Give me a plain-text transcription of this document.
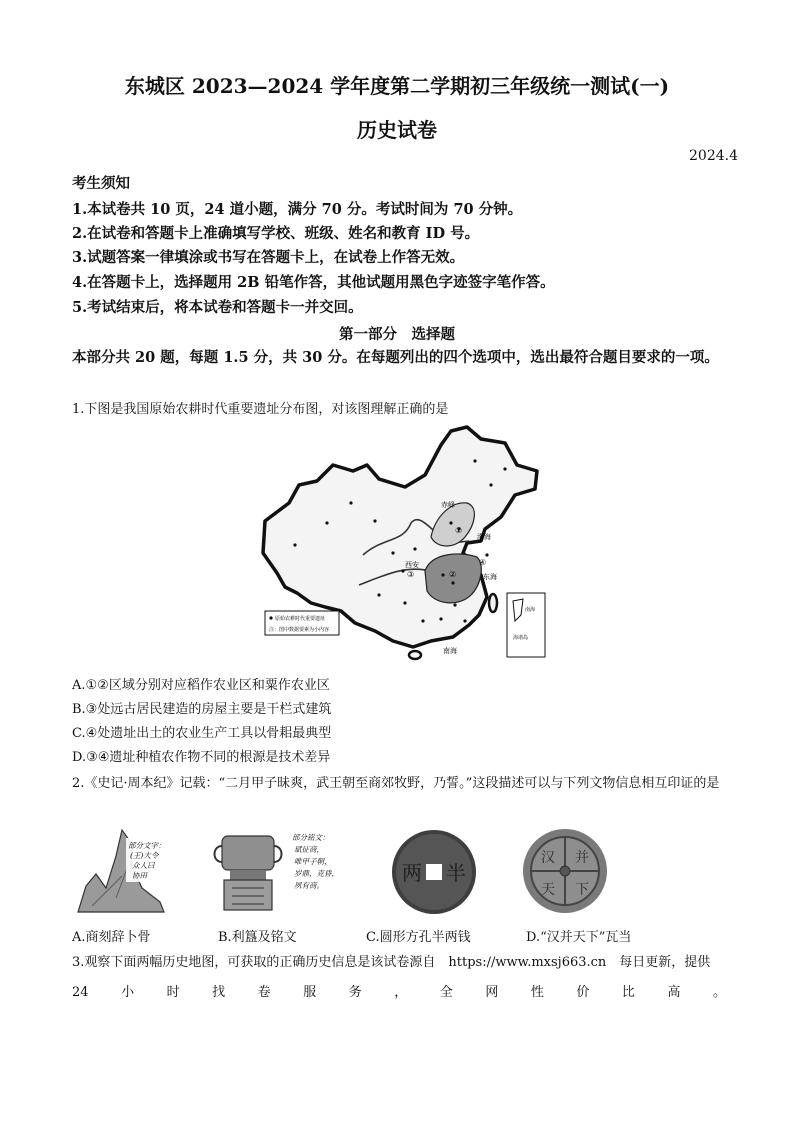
东城区 2023—2024 学年度第二学期初三年级统一测试(一)
历史试卷
2024.4
考生须知
1.本试卷共 10 页，24 道小题，满分 70 分。考试时间为 70 分钟。
2.在试卷和答题卡上准确填写学校、班级、姓名和教育 ID 号。
3.试题答案一律填涂或书写在答题卡上，在试卷上作答无效。
4.在答题卡上，选择题用 2B 铅笔作答，其他试题用黑色字迹签字笔作答。
5.考试结束后，将本试卷和答题卡一并交回。
第一部分　选择题
本部分共 20 题，每题 1.5 分，共 30 分。在每题列出的四个选项中，选出最符合题目要求的一项。
1.下图是我国原始农耕时代重要遗址分布图，对该图理解正确的是
赤峰
渤海
东海
南海
西安
①
②
③
④
原始农耕时代重要遗址
注：图中数据要素为小内容
南海
海诸岛
A.①②区域分别对应稻作农业区和粟作农业区
B.③处远古居民建造的房屋主要是干栏式建筑
C.④处遗址出土的农业生产工具以骨耜最典型
D.③④遗址种植农作物不同的根源是技术差异
2.《史记·周本纪》记载：“二月甲子昧爽，武王朝至商郊牧野，乃誓。”这段描述可以与下列文物信息相互印证的是
部分文字：
(王)大令
众人曰
协田
部分铭文：
珷征商，
唯甲子朝，
岁鼎，克昏，
夙有商。
两 半
汉 并
天 下
A.商刻辞卜骨	B.利簋及铭文	C.圆形方孔半两钱	D.“汉并天下”瓦当
3.观察下面两幅历史地图，可获取的正确历史信息是该试卷源自　https://www.mxsj663.cn　每日更新，提供
24	小	时	找	卷	服	务	，	全	网	性	价	比	高	。
